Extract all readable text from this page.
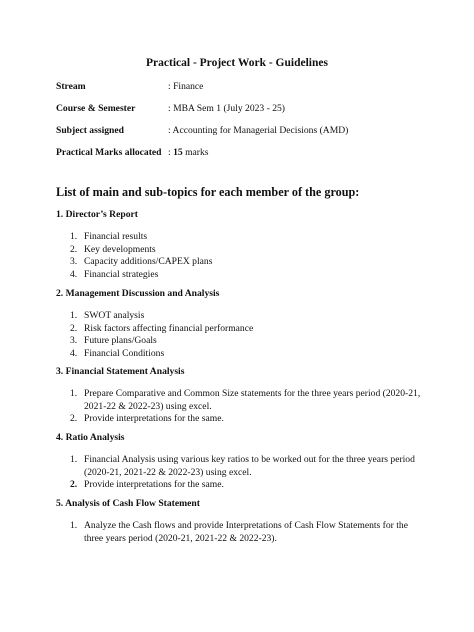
Practical - Project Work - Guidelines
Stream	: Finance
Course & Semester	: MBA Sem 1 (July 2023 - 25)
Subject assigned	: Accounting for Managerial Decisions (AMD)
Practical Marks allocated : 15 marks
List of main and sub-topics for each member of the group:

1. Director’s Report

1. Financial results
2. Key developments
3. Capacity additions/CAPEX plans
4. Financial strategies

2. Management Discussion and Analysis

1. SWOT analysis
2. Risk factors affecting financial performance
3. Future plans/Goals
4. Financial Conditions

3. Financial Statement Analysis

1. Prepare Comparative and Common Size statements for the three years period (2020-21, 2021-22 & 2022-23) using excel.
2. Provide interpretations for the same.

4. Ratio Analysis

1. Financial Analysis using various key ratios to be worked out for the three years period (2020-21, 2021-22 & 2022-23) using excel.
2. Provide interpretations for the same.

5. Analysis of Cash Flow Statement

1. Analyze the Cash flows and provide Interpretations of Cash Flow Statements for the three years period (2020-21, 2021-22 & 2022-23).
